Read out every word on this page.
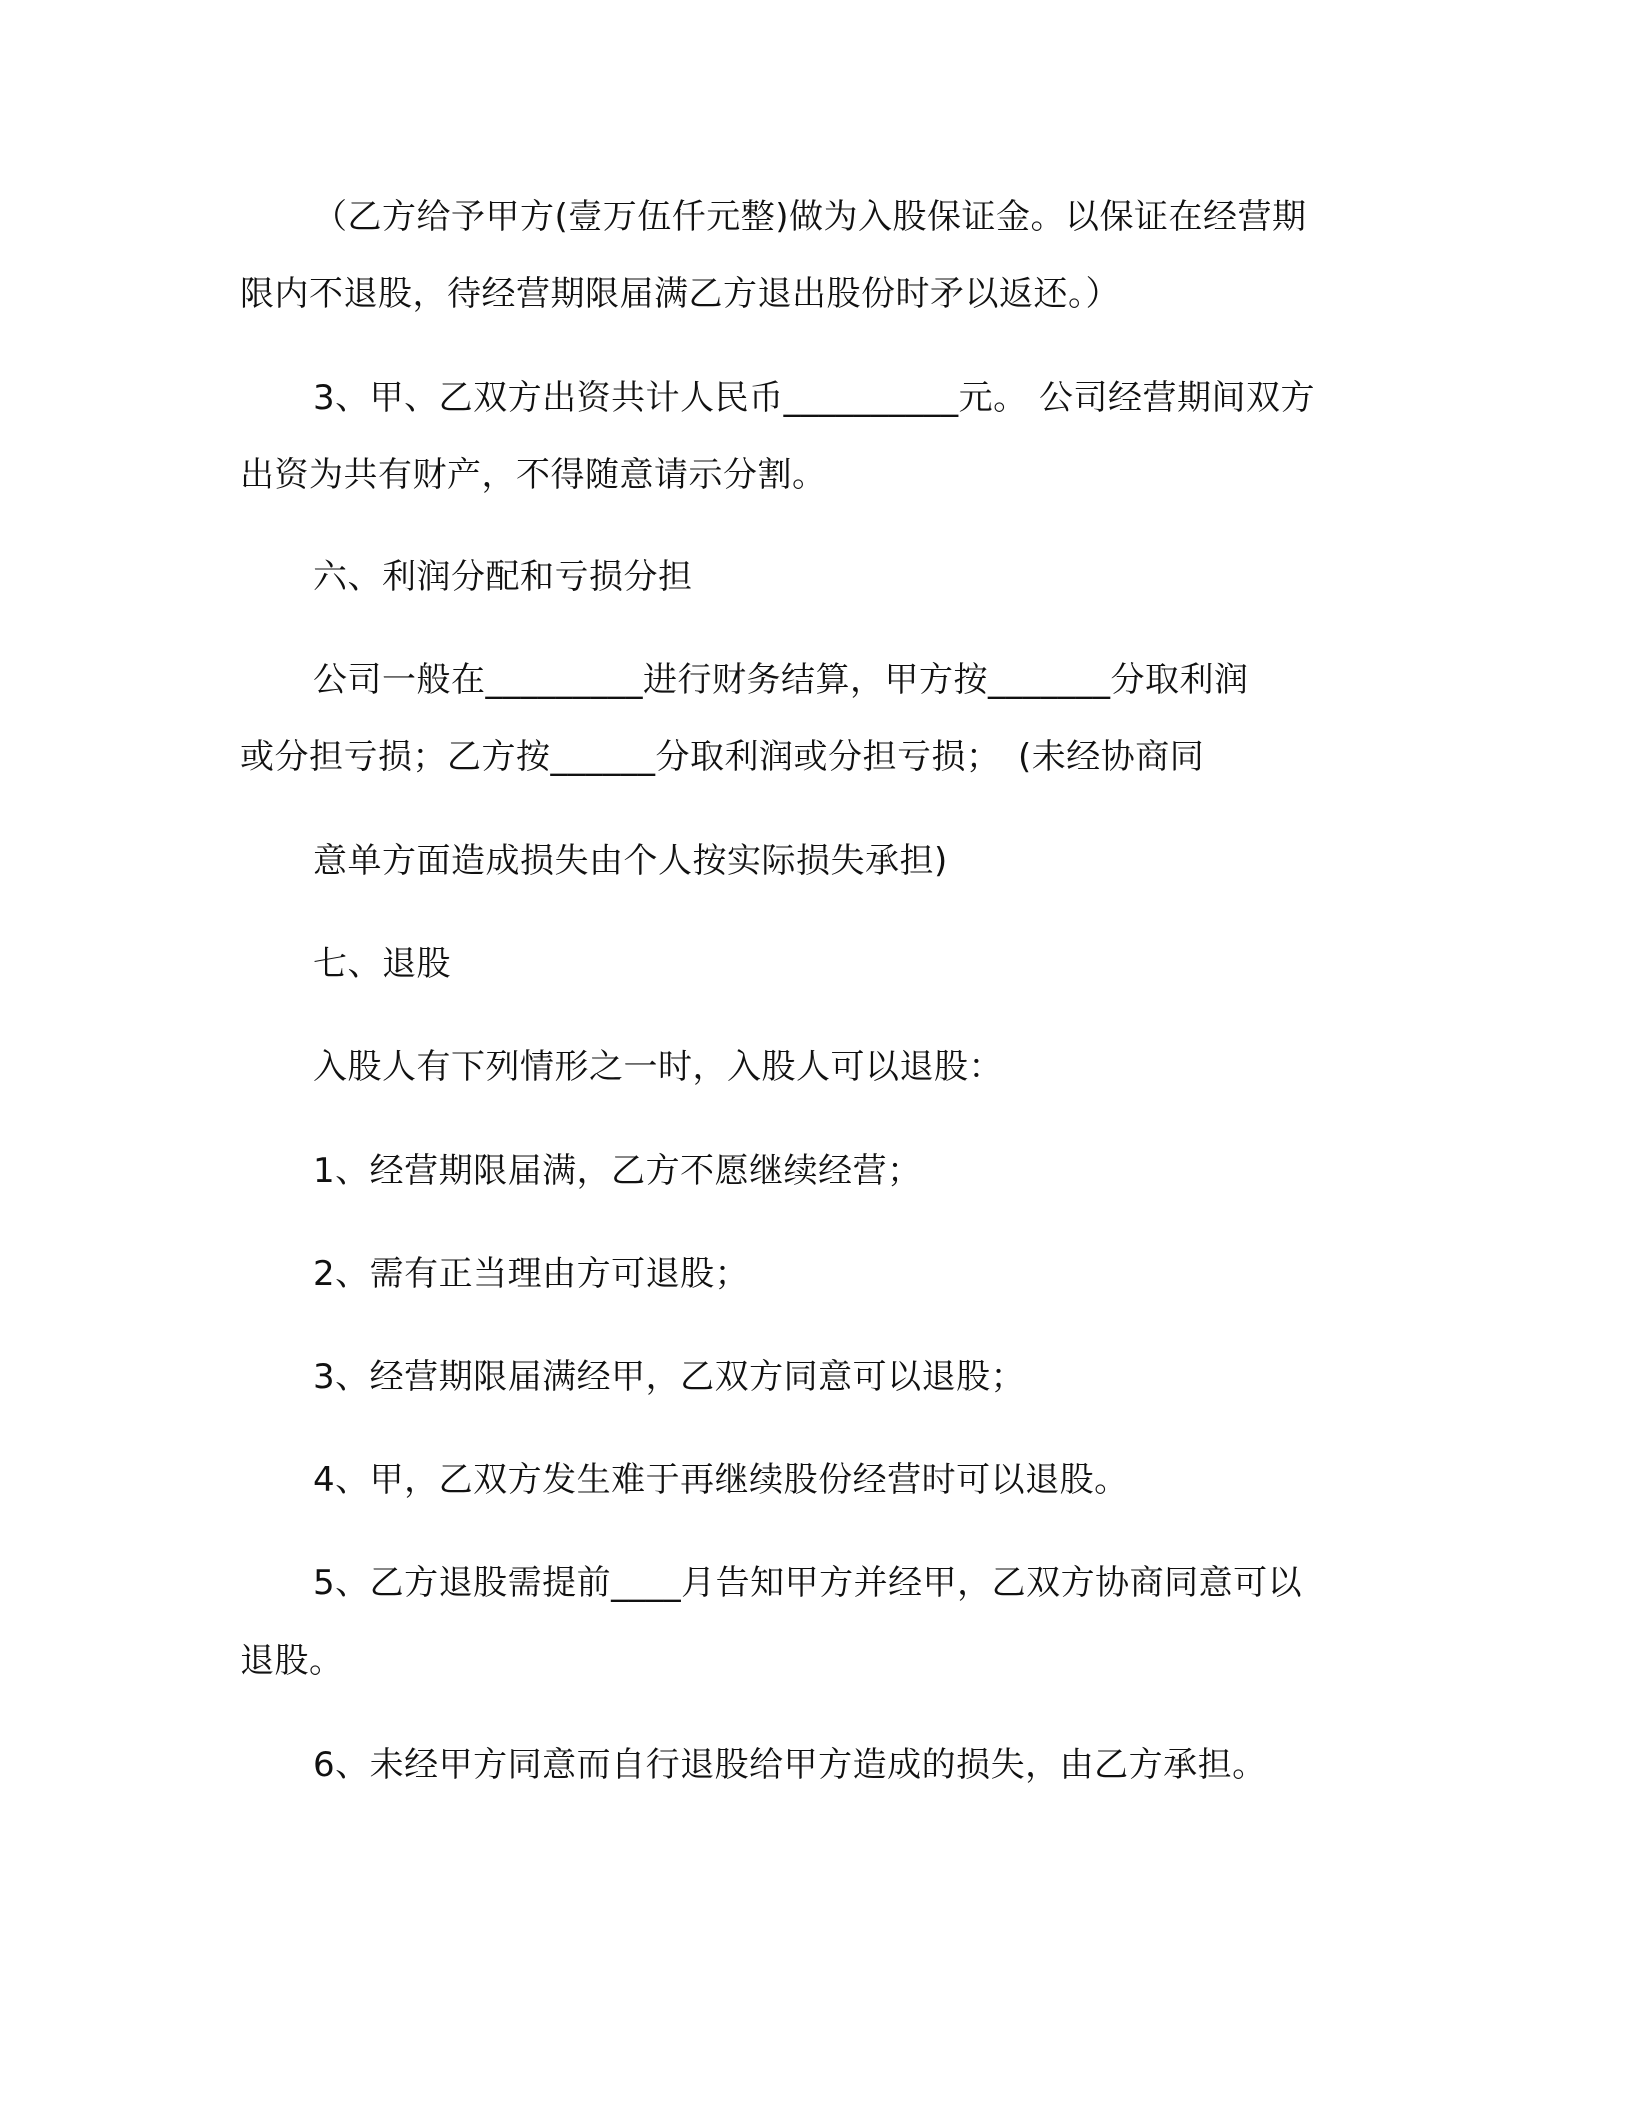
（乙方给予甲方(壹万伍仟元整)做为入股保证金。以保证在经营期
限内不退股，待经营期限届满乙方退出股份时矛以返还。）
3、甲、乙双方出资共计人民币__________元。 公司经营期间双方
出资为共有财产，不得随意请示分割。
六、利润分配和亏损分担
公司一般在_________进行财务结算，甲方按_______分取利润
或分担亏损；乙方按______分取利润或分担亏损；　(未经协商同
意单方面造成损失由个人按实际损失承担)
七、退股
入股人有下列情形之一时，入股人可以退股：
1、经营期限届满，乙方不愿继续经营；
2、需有正当理由方可退股；
3、经营期限届满经甲，乙双方同意可以退股；
4、甲，乙双方发生难于再继续股份经营时可以退股。
5、乙方退股需提前____月告知甲方并经甲，乙双方协商同意可以
退股。
6、未经甲方同意而自行退股给甲方造成的损失，由乙方承担。
